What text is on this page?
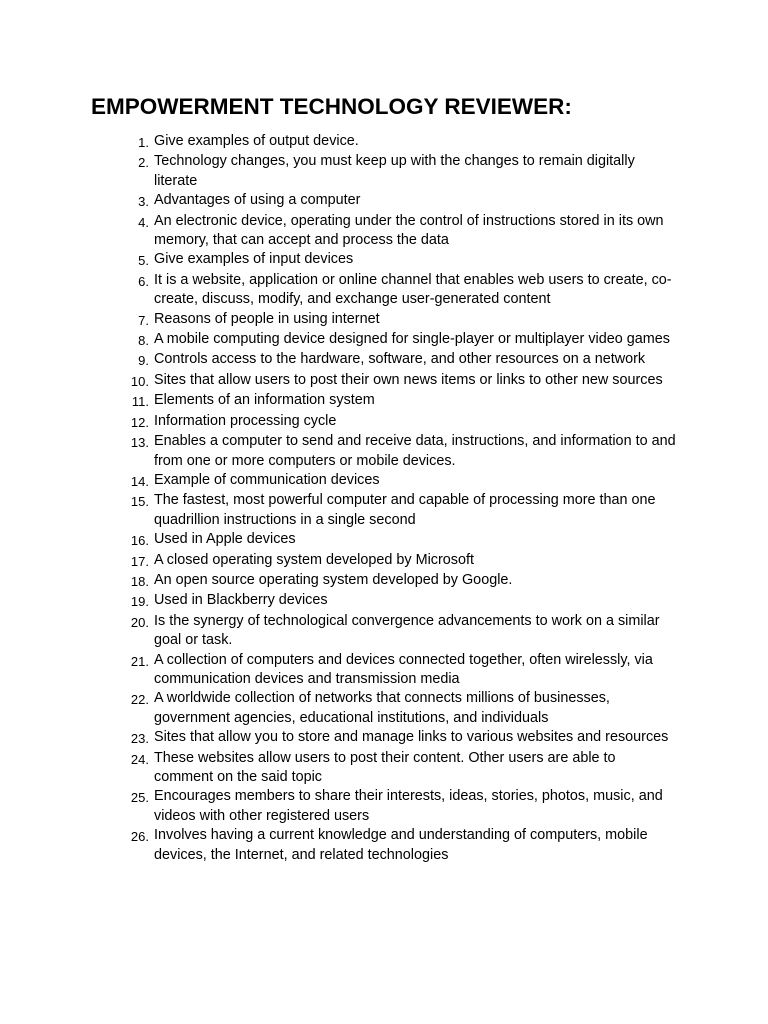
EMPOWERMENT TECHNOLOGY REVIEWER:
1. Give examples of output device.
2. Technology changes, you must keep up with the changes to remain digitally literate
3. Advantages of using a computer
4. An electronic device, operating under the control of instructions stored in its own memory, that can accept and process the data
5. Give examples of input devices
6. It is a website, application or online channel that enables web users to create, co-create, discuss, modify, and exchange user-generated content
7. Reasons of people in using internet
8. A mobile computing device designed for single-player or multiplayer video games
9. Controls access to the hardware, software, and other resources on a network
10. Sites that allow users to post their own news items or links to other new sources
11. Elements of an information system
12. Information processing cycle
13. Enables a computer to send and receive data, instructions, and information to and from one or more computers or mobile devices.
14. Example of communication devices
15. The fastest, most powerful computer and capable of processing more than one quadrillion instructions in a single second
16. Used in Apple devices
17. A closed operating system developed by Microsoft
18. An open source operating system developed by Google.
19. Used in Blackberry devices
20. Is the synergy of technological convergence advancements to work on a similar goal or task.
21. A collection of computers and devices connected together, often wirelessly, via communication devices and transmission media
22. A worldwide collection of networks that connects millions of businesses, government agencies, educational institutions, and individuals
23. Sites that allow you to store and manage links to various websites and resources
24. These websites allow users to post their content. Other users are able to comment on the said topic
25. Encourages members to share their interests, ideas, stories, photos, music, and videos with other registered users
26. Involves having a current knowledge and understanding of computers, mobile devices, the Internet, and related technologies
